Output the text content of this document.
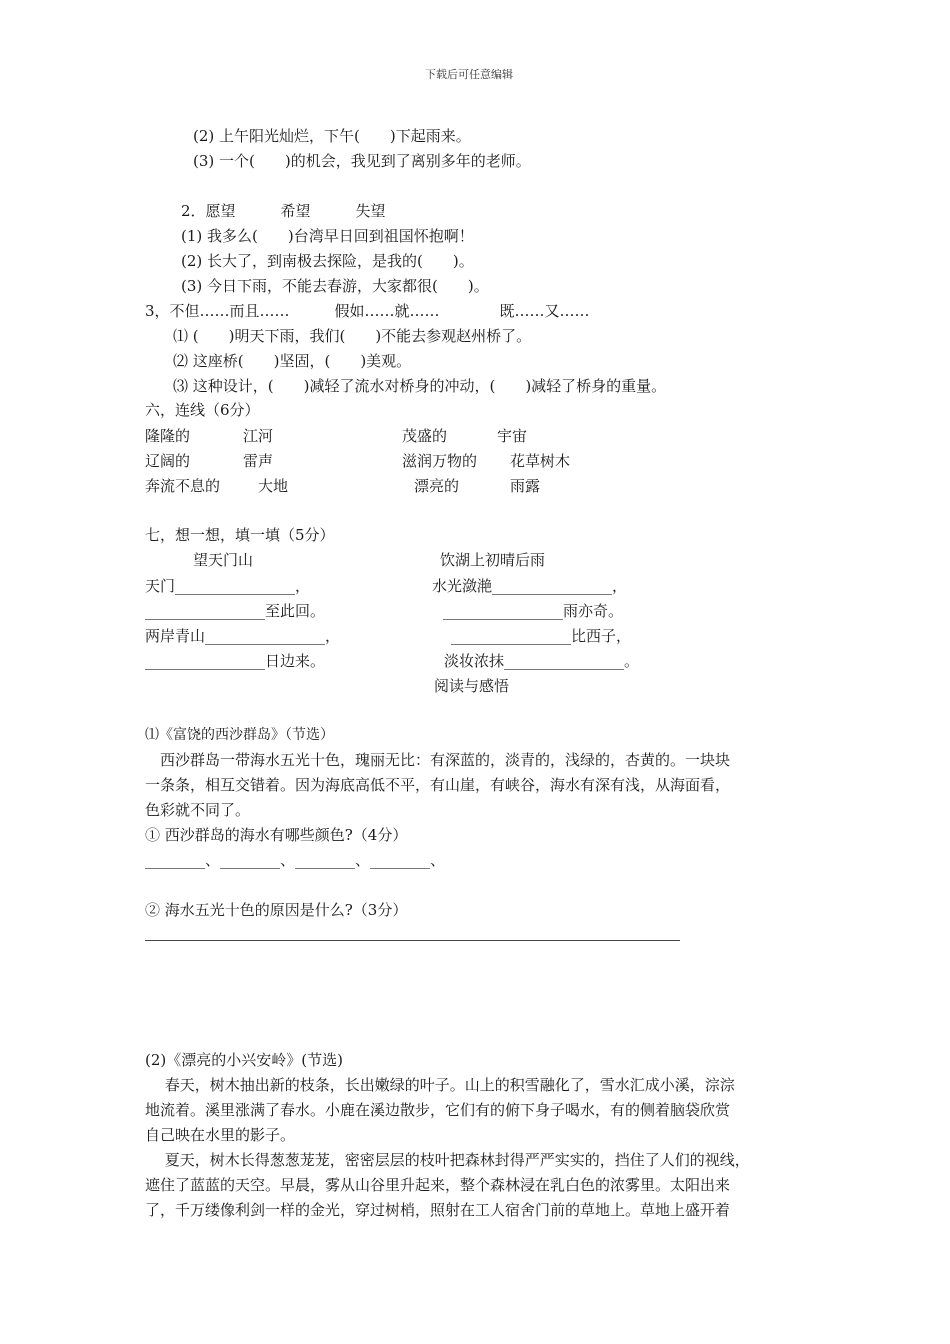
下载后可任意编辑
(2) 上午阳光灿烂，下午(　　)下起雨来。
(3) 一个(　　)的机会，我见到了离别多年的老师。
2．愿望　　　希望　　　失望
(1) 我多么(　　)台湾早日回到祖国怀抱啊！
(2) 长大了，到南极去探险，是我的(　　)。
(3) 今日下雨，不能去春游，大家都很(　　)。
3，不但……而且……　　　假如……就……　　　　既……又……
⑴ (　　)明天下雨，我们(　　)不能去参观赵州桥了。
⑵ 这座桥(　　)坚固，(　　)美观。
⑶ 这种设计，(　　)减轻了流水对桥身的冲动，(　　)减轻了桥身的重量。
六，连线（6分）
隆隆的	江河	茂盛的	宇宙
辽阔的	雷声	滋润万物的 花草树木
奔流不息的	大地	漂亮的	雨露
七，想一想，填一填（5分）
望天门山	饮湖上初晴后雨
天门________________，	水光潋滟________________，
________________至此回。	________________雨亦奇。
两岸青山________________，	________________比西子，
________________日边来。	淡妆浓抹________________。
阅读与感悟
⑴《富饶的西沙群岛》（节选）
　西沙群岛一带海水五光十色，瑰丽无比：有深蓝的，淡青的，浅绿的，杏黄的。一块块
一条条，相互交错着。因为海底高低不平，有山崖，有峡谷，海水有深有浅，从海面看，
色彩就不同了。
① 西沙群岛的海水有哪些颜色?（4分）
________、________、________、________、
② 海水五光十色的原因是什么?（3分）
(2)《漂亮的小兴安岭》(节选)
　 春天，树木抽出新的枝条，长出嫩绿的叶子。山上的积雪融化了，雪水汇成小溪，淙淙
地流着。溪里涨满了春水。小鹿在溪边散步，它们有的俯下身子喝水，有的侧着脑袋欣赏
自己映在水里的影子。
　 夏天，树木长得葱葱茏茏，密密层层的枝叶把森林封得严严实实的，挡住了人们的视线，
遮住了蓝蓝的天空。早晨，雾从山谷里升起来，整个森林浸在乳白色的浓雾里。太阳出来
了，千万缕像利剑一样的金光，穿过树梢，照射在工人宿舍门前的草地上。草地上盛开着
